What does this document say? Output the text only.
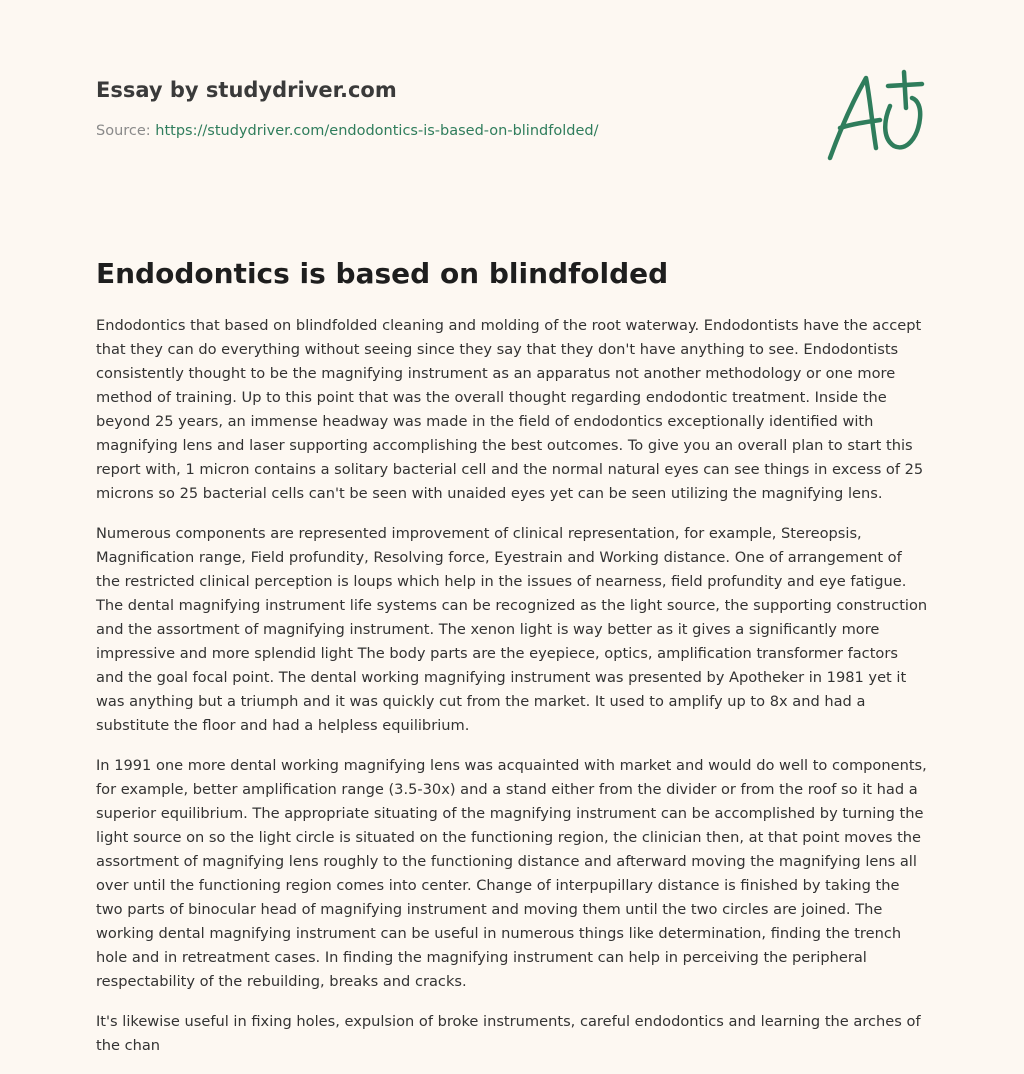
Essay by studydriver.com
Source: https://studydriver.com/endodontics-is-based-on-blindfolded/
Endodontics is based on blindfolded

Endodontics that based on blindfolded cleaning and molding of the root waterway. Endodontists have the accept that they can do everything without seeing since they say that they don't have anything to see. Endodontists consistently thought to be the magnifying instrument as an apparatus not another methodology or one more method of training. Up to this point that was the overall thought regarding endodontic treatment. Inside the beyond 25 years, an immense headway was made in the field of endodontics exceptionally identified with magnifying lens and laser supporting accomplishing the best outcomes. To give you an overall plan to start this report with, 1 micron contains a solitary bacterial cell and the normal natural eyes can see things in excess of 25 microns so 25 bacterial cells can't be seen with unaided eyes yet can be seen utilizing the magnifying lens.

Numerous components are represented improvement of clinical representation, for example, Stereopsis, Magnification range, Field profundity, Resolving force, Eyestrain and Working distance. One of arrangement of the restricted clinical perception is loups which help in the issues of nearness, field profundity and eye fatigue. The dental magnifying instrument life systems can be recognized as the light source, the supporting construction and the assortment of magnifying instrument. The xenon light is way better as it gives a significantly more impressive and more splendid light The body parts are the eyepiece, optics, amplification transformer factors and the goal focal point. The dental working magnifying instrument was presented by Apotheker in 1981 yet it was anything but a triumph and it was quickly cut from the market. It used to amplify up to 8x and had a substitute the floor and had a helpless equilibrium.

In 1991 one more dental working magnifying lens was acquainted with market and would do well to components, for example, better amplification range (3.5-30x) and a stand either from the divider or from the roof so it had a superior equilibrium. The appropriate situating of the magnifying instrument can be accomplished by turning the light source on so the light circle is situated on the functioning region, the clinician then, at that point moves the assortment of magnifying lens roughly to the functioning distance and afterward moving the magnifying lens all over until the functioning region comes into center. Change of interpupillary distance is finished by taking the two parts of binocular head of magnifying instrument and moving them until the two circles are joined. The working dental magnifying instrument can be useful in numerous things like determination, finding the trench hole and in retreatment cases. In finding the magnifying instrument can help in perceiving the peripheral respectability of the rebuilding, breaks and cracks.

It's likewise useful in fixing holes, expulsion of broke instruments, careful endodontics and learning the arches of the chan
